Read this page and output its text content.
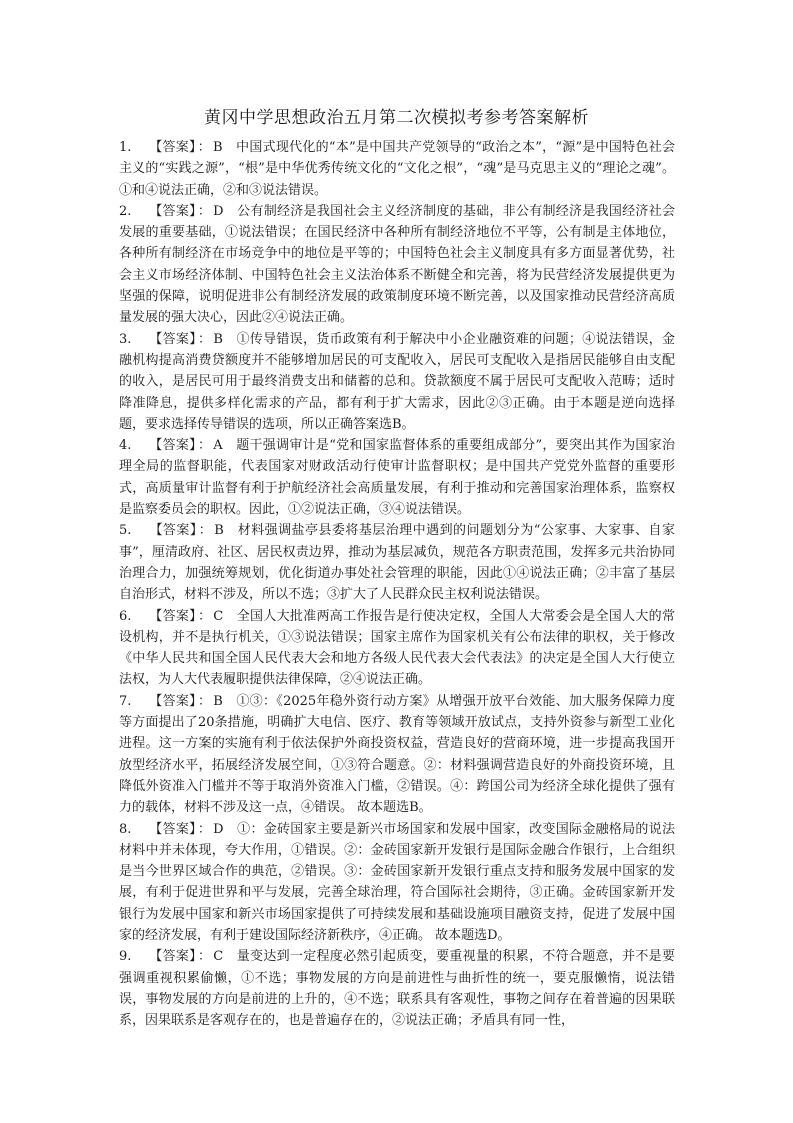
黄冈中学思想政治五月第二次模拟考参考答案解析

1. 【答案】 ： B　 中国式现代化的“本”是中国共产党领导的“政治之本”，“源”是中国特色社会主义的“实践之源”，“根”是中华优秀传统文化的“文化之根”，“魂”是马克思主义的“理论之魂”。①和④说法正确，②和③说法错误。

2. 【答案】 ： D　 公有制经济是我国社会主义经济制度的基础，非公有制经济是我国经济社会发展的重要基础，①说法错误；在国民经济中各种所有制经济地位不平等，公有制是主体地位，各种所有制经济在市场竞争中的地位是平等的；中国特色社会主义制度具有多方面显著优势，社会主义市场经济体制、中国特色社会主义法治体系不断健全和完善，将为民营经济发展提供更为坚强的保障，说明促进非公有制经济发展的政策制度环境不断完善，以及国家推动民营经济高质量发展的强大决心，因此②④说法正确。

3. 【答案】 ： B　 ①传导错误，货币政策有利于解决中小企业融资难的问题；④说法错误，金融机构提高消费贷额度并不能够增加居民的可支配收入，居民可支配收入是指居民能够自由支配的收入，是居民可用于最终消费支出和储蓄的总和。贷款额度不属于居民可支配收入范畴；适时降准降息，提供多样化需求的产品，都有利于扩大需求，因此②③正确。由于本题是逆向选择题，要求选择传导错误的选项，所以正确答案选B。

4. 【答案】 ： A　 题干强调审计是“党和国家监督体系的重要组成部分”，要突出其作为国家治理全局的监督职能，代表国家对财政活动行使审计监督职权；是中国共产党党外监督的重要形式，高质量审计监督有利于护航经济社会高质量发展，有利于推动和完善国家治理体系，监察权是监察委员会的职权。因此，①②说法正确，③④说法错误。

5. 【答案】 ： B　 材料强调盐亭县委将基层治理中遇到的问题划分为“公家事、大家事、自家事”，厘清政府、社区、居民权责边界，推动为基层减负，规范各方职责范围，发挥多元共治协同治理合力，加强统筹规划，优化街道办事处社会管理的职能，因此①④说法正确；②丰富了基层自治形式，材料不涉及，所以不选；③扩大了人民群众民主权利说法错误。

6. 【答案】 ： C　 全国人大批准两高工作报告是行使决定权，全国人大常委会是全国人大的常设机构，并不是执行机关，①③说法错误；国家主席作为国家机关有公布法律的职权，关于修改《中华人民共和国全国人民代表大会和地方各级人民代表大会代表法》的决定是全国人大行使立法权，为人大代表履职提供法律保障，②④说法正确。

7. 【答案】 ： B　 ①③：《2025年稳外资行动方案》从增强开放平台效能、加大服务保障力度等方面提出了20条措施，明确扩大电信、医疗、教育等领域开放试点，支持外资参与新型工业化进程。这一方案的实施有利于依法保护外商投资权益，营造良好的营商环境，进一步提高我国开放型经济水平，拓展经济发展空间，①③符合题意。②：材料强调营造良好的外商投资环境，且降低外资准入门槛并不等于取消外资准入门槛，②错误。④：跨国公司为经济全球化提供了强有力的载体，材料不涉及这一点，④错误。 故本题选B。

8. 【答案】 ： D　 ①：金砖国家主要是新兴市场国家和发展中国家，改变国际金融格局的说法材料中并未体现，夸大作用，①错误。②：金砖国家新开发银行是国际金融合作银行，上合组织是当今世界区域合作的典范，②错误。③：金砖国家新开发银行重点支持和服务发展中国家的发展，有利于促进世界和平与发展，完善全球治理，符合国际社会期待，③正确。金砖国家新开发银行为发展中国家和新兴市场国家提供了可持续发展和基础设施项目融资支持，促进了发展中国家的经济发展，有利于建设国际经济新秩序，④正确。 故本题选D。

9. 【答案】 ： C　 量变达到一定程度必然引起质变，要重视量的积累，不符合题意，并不是要强调重视积累偷懒，①不选；事物发展的方向是前进性与曲折性的统一，要克服懒惰，说法错误，事物发展的方向是前进的上升的，④不选；联系具有客观性，事物之间存在着普遍的因果联系，因果联系是客观存在的，也是普遍存在的，②说法正确；矛盾具有同一性，
